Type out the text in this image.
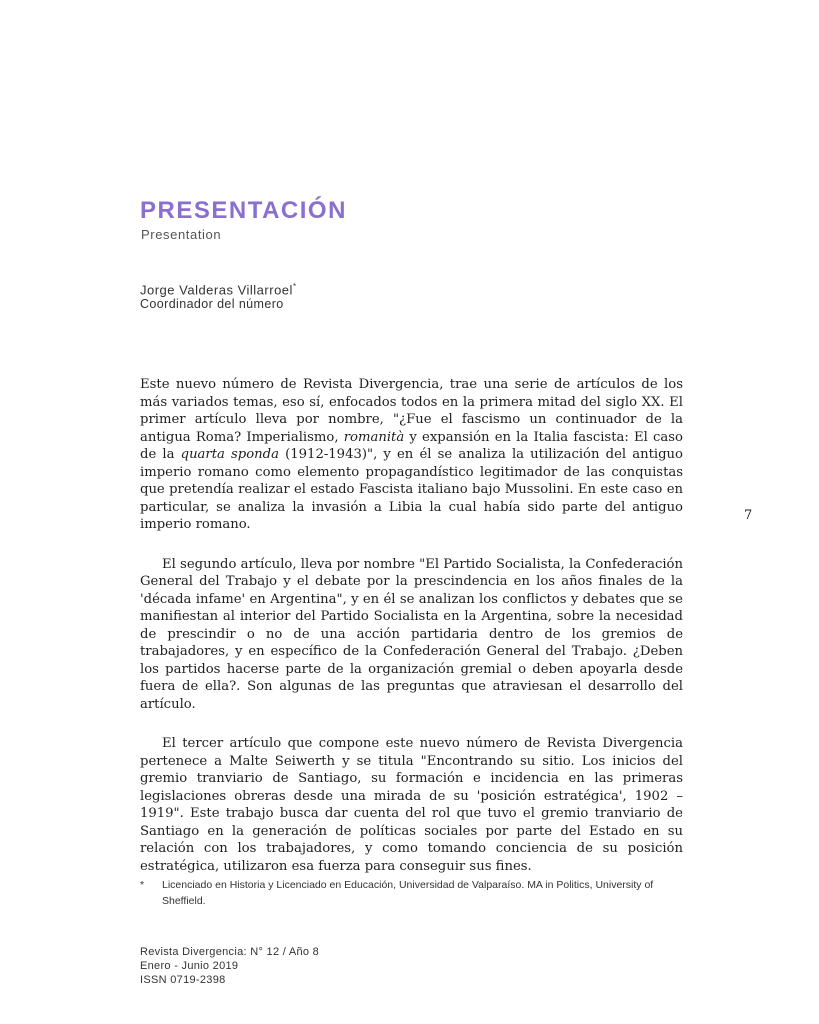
PRESENTACIÓN
Presentation
Jorge Valderas Villarroel*
Coordinador del número

Este nuevo número de Revista Divergencia, trae una serie de artículos de los más variados temas, eso sí, enfocados todos en la primera mitad del siglo XX. El primer artículo lleva por nombre, "¿Fue el fascismo un continuador de la antigua Roma? Imperialismo, romanità y expansión en la Italia fascista: El caso de la quarta sponda (1912-1943)", y en él se analiza la utilización del antiguo imperio romano como elemento propagandístico legitimador de las conquistas que pretendía realizar el estado Fascista italiano bajo Mussolini. En este caso en particular, se analiza la invasión a Libia la cual había sido parte del antiguo imperio romano.

El segundo artículo, lleva por nombre "El Partido Socialista, la Confederación General del Trabajo y el debate por la prescindencia en los años finales de la 'década infame' en Argentina", y en él se analizan los conflictos y debates que se manifiestan al interior del Partido Socialista en la Argentina, sobre la necesidad de prescindir o no de una acción partidaria dentro de los gremios de trabajadores, y en específico de la Confederación General del Trabajo. ¿Deben los partidos hacerse parte de la organización gremial o deben apoyarla desde fuera de ella?. Son algunas de las preguntas que atraviesan el desarrollo del artículo.

El tercer artículo que compone este nuevo número de Revista Divergencia pertenece a Malte Seiwerth y se titula "Encontrando su sitio. Los inicios del gremio tranviario de Santiago, su formación e incidencia en las primeras legislaciones obreras desde una mirada de su 'posición estratégica', 1902 – 1919". Este trabajo busca dar cuenta del rol que tuvo el gremio tranviario de Santiago en la generación de políticas sociales por parte del Estado en su relación con los trabajadores, y como tomando conciencia de su posición estratégica, utilizaron esa fuerza para conseguir sus fines.

7
*	Licenciado en Historia y Licenciado en Educación, Universidad de Valparaíso. MA in Politics, University of Sheffield.
Revista Divergencia: N° 12 / Año 8
Enero - Junio 2019
ISSN 0719-2398
